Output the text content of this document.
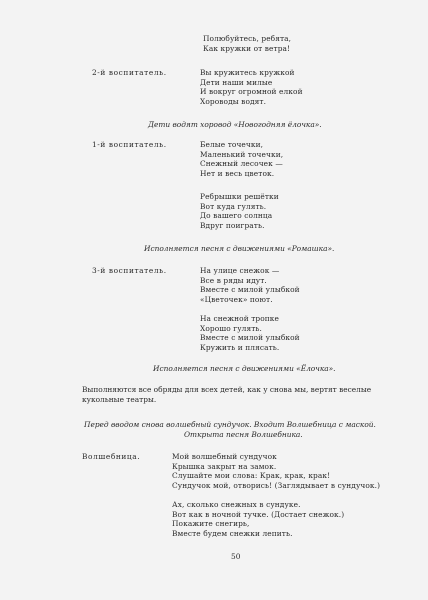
Полюбуйтесь, ребята,
Как кружки от ветра!
2-й воспитатель.	Вы кружитесь кружкой
Дети наши милые
И вокруг огромной елкой
Хороводы водят.
Дети водят хоровод «Новогодняя ёлочка».
1-й воспитатель.	Белые точечки,
Маленький точечки,
Снежный лесочек —
Нет и весь цветок.
Ребрышки решётки
Вот куда гулять.
До вашего солнца
Вдруг поиграть.
Исполняется песня с движениями «Ромашка».
3-й воспитатель.	На улице снежок —
Все в ряды идут.
Вместе с милой улыбкой
«Цветочек» поют.
На снежной тропке
Хорошо гулять.
Вместе с милой улыбкой
Кружить и плясать.
Исполняется песня с движениями «Ёлочка».
Выполняются все обряды для всех детей, как у снова мы, вертят веселые кукольные театры.
Перед вводом снова волшебный сундучок. Входит Волшебница с маской.
Открыта песня Волшебника.
Волшебница.	Мой волшебный сундучок
Крышка закрыт на замок.
Слушайте мои слова: Крак, крак, крак!
Сундучок мой, отворись! (Заглядывает в сундучок.)
Ах, сколько снежных в сундуке.
Вот как в ночной тучке. (Достает снежок.)
Покажите снегирь,
Вместе будем снежки лепить.
50
